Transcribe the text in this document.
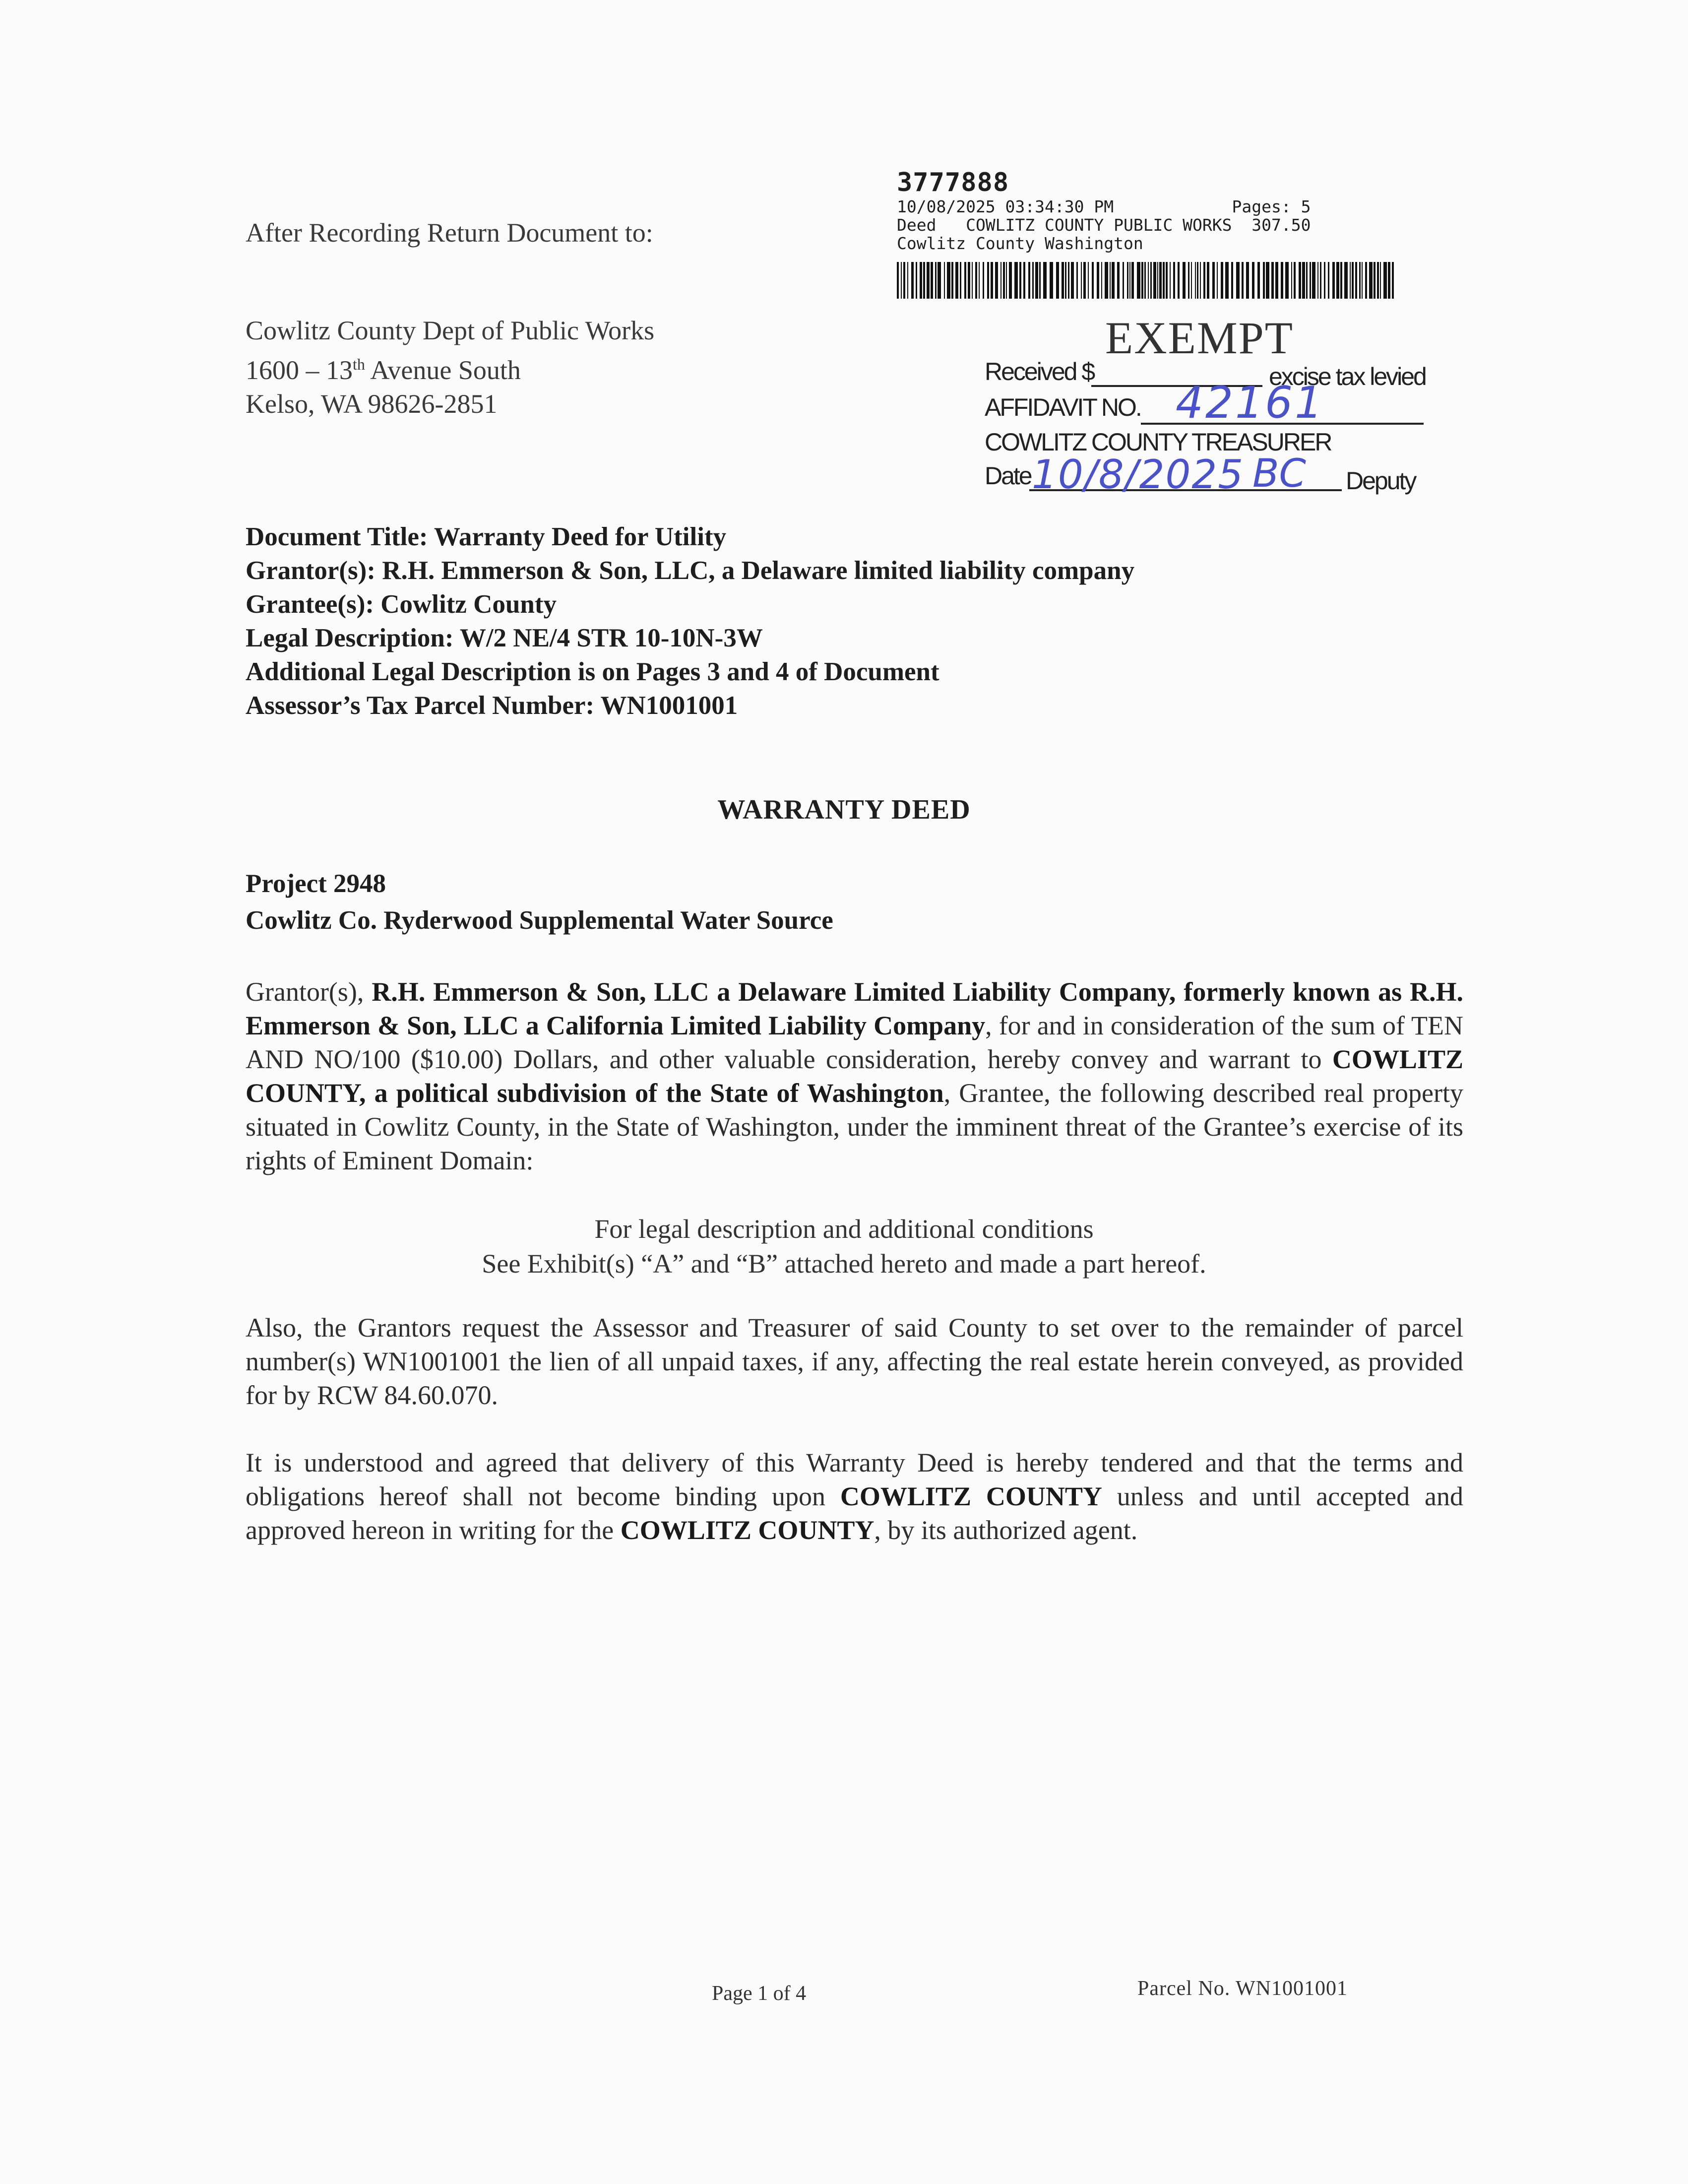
After Recording Return Document to:
Cowlitz County Dept of Public Works
1600 – 13th Avenue South
Kelso, WA 98626-2851
3777888
10/08/2025 03:34:30 PM            Pages: 5
Deed   COWLITZ COUNTY PUBLIC WORKS  307.50
Cowlitz County Washington
EXEMPT
Received $	excise tax levied
AFFIDAVIT NO. 42161
COWLITZ COUNTY TREASURER
Date 10/8/2025 BC Deputy
Document Title: Warranty Deed for Utility
Grantor(s): R.H. Emmerson & Son, LLC, a Delaware limited liability company
Grantee(s): Cowlitz County
Legal Description: W/2 NE/4 STR 10-10N-3W
Additional Legal Description is on Pages 3 and 4 of Document
Assessor’s Tax Parcel Number: WN1001001
WARRANTY DEED
Project 2948
Cowlitz Co. Ryderwood Supplemental Water Source
Grantor(s), R.H. Emmerson & Son, LLC a Delaware Limited Liability Company, formerly known as R.H. Emmerson & Son, LLC a California Limited Liability Company, for and in consideration of the sum of TEN AND NO/100 ($10.00) Dollars, and other valuable consideration, hereby convey and warrant to COWLITZ COUNTY, a political subdivision of the State of Washington, Grantee, the following described real property situated in Cowlitz County, in the State of Washington, under the imminent threat of the Grantee’s exercise of its rights of Eminent Domain:
For legal description and additional conditions
See Exhibit(s) “A” and “B” attached hereto and made a part hereof.
Also, the Grantors request the Assessor and Treasurer of said County to set over to the remainder of parcel number(s) WN1001001 the lien of all unpaid taxes, if any, affecting the real estate herein conveyed, as provided for by RCW 84.60.070.
It is understood and agreed that delivery of this Warranty Deed is hereby tendered and that the terms and obligations hereof shall not become binding upon COWLITZ COUNTY unless and until accepted and approved hereon in writing for the COWLITZ COUNTY, by its authorized agent.
Page 1 of 4	Parcel No. WN1001001
